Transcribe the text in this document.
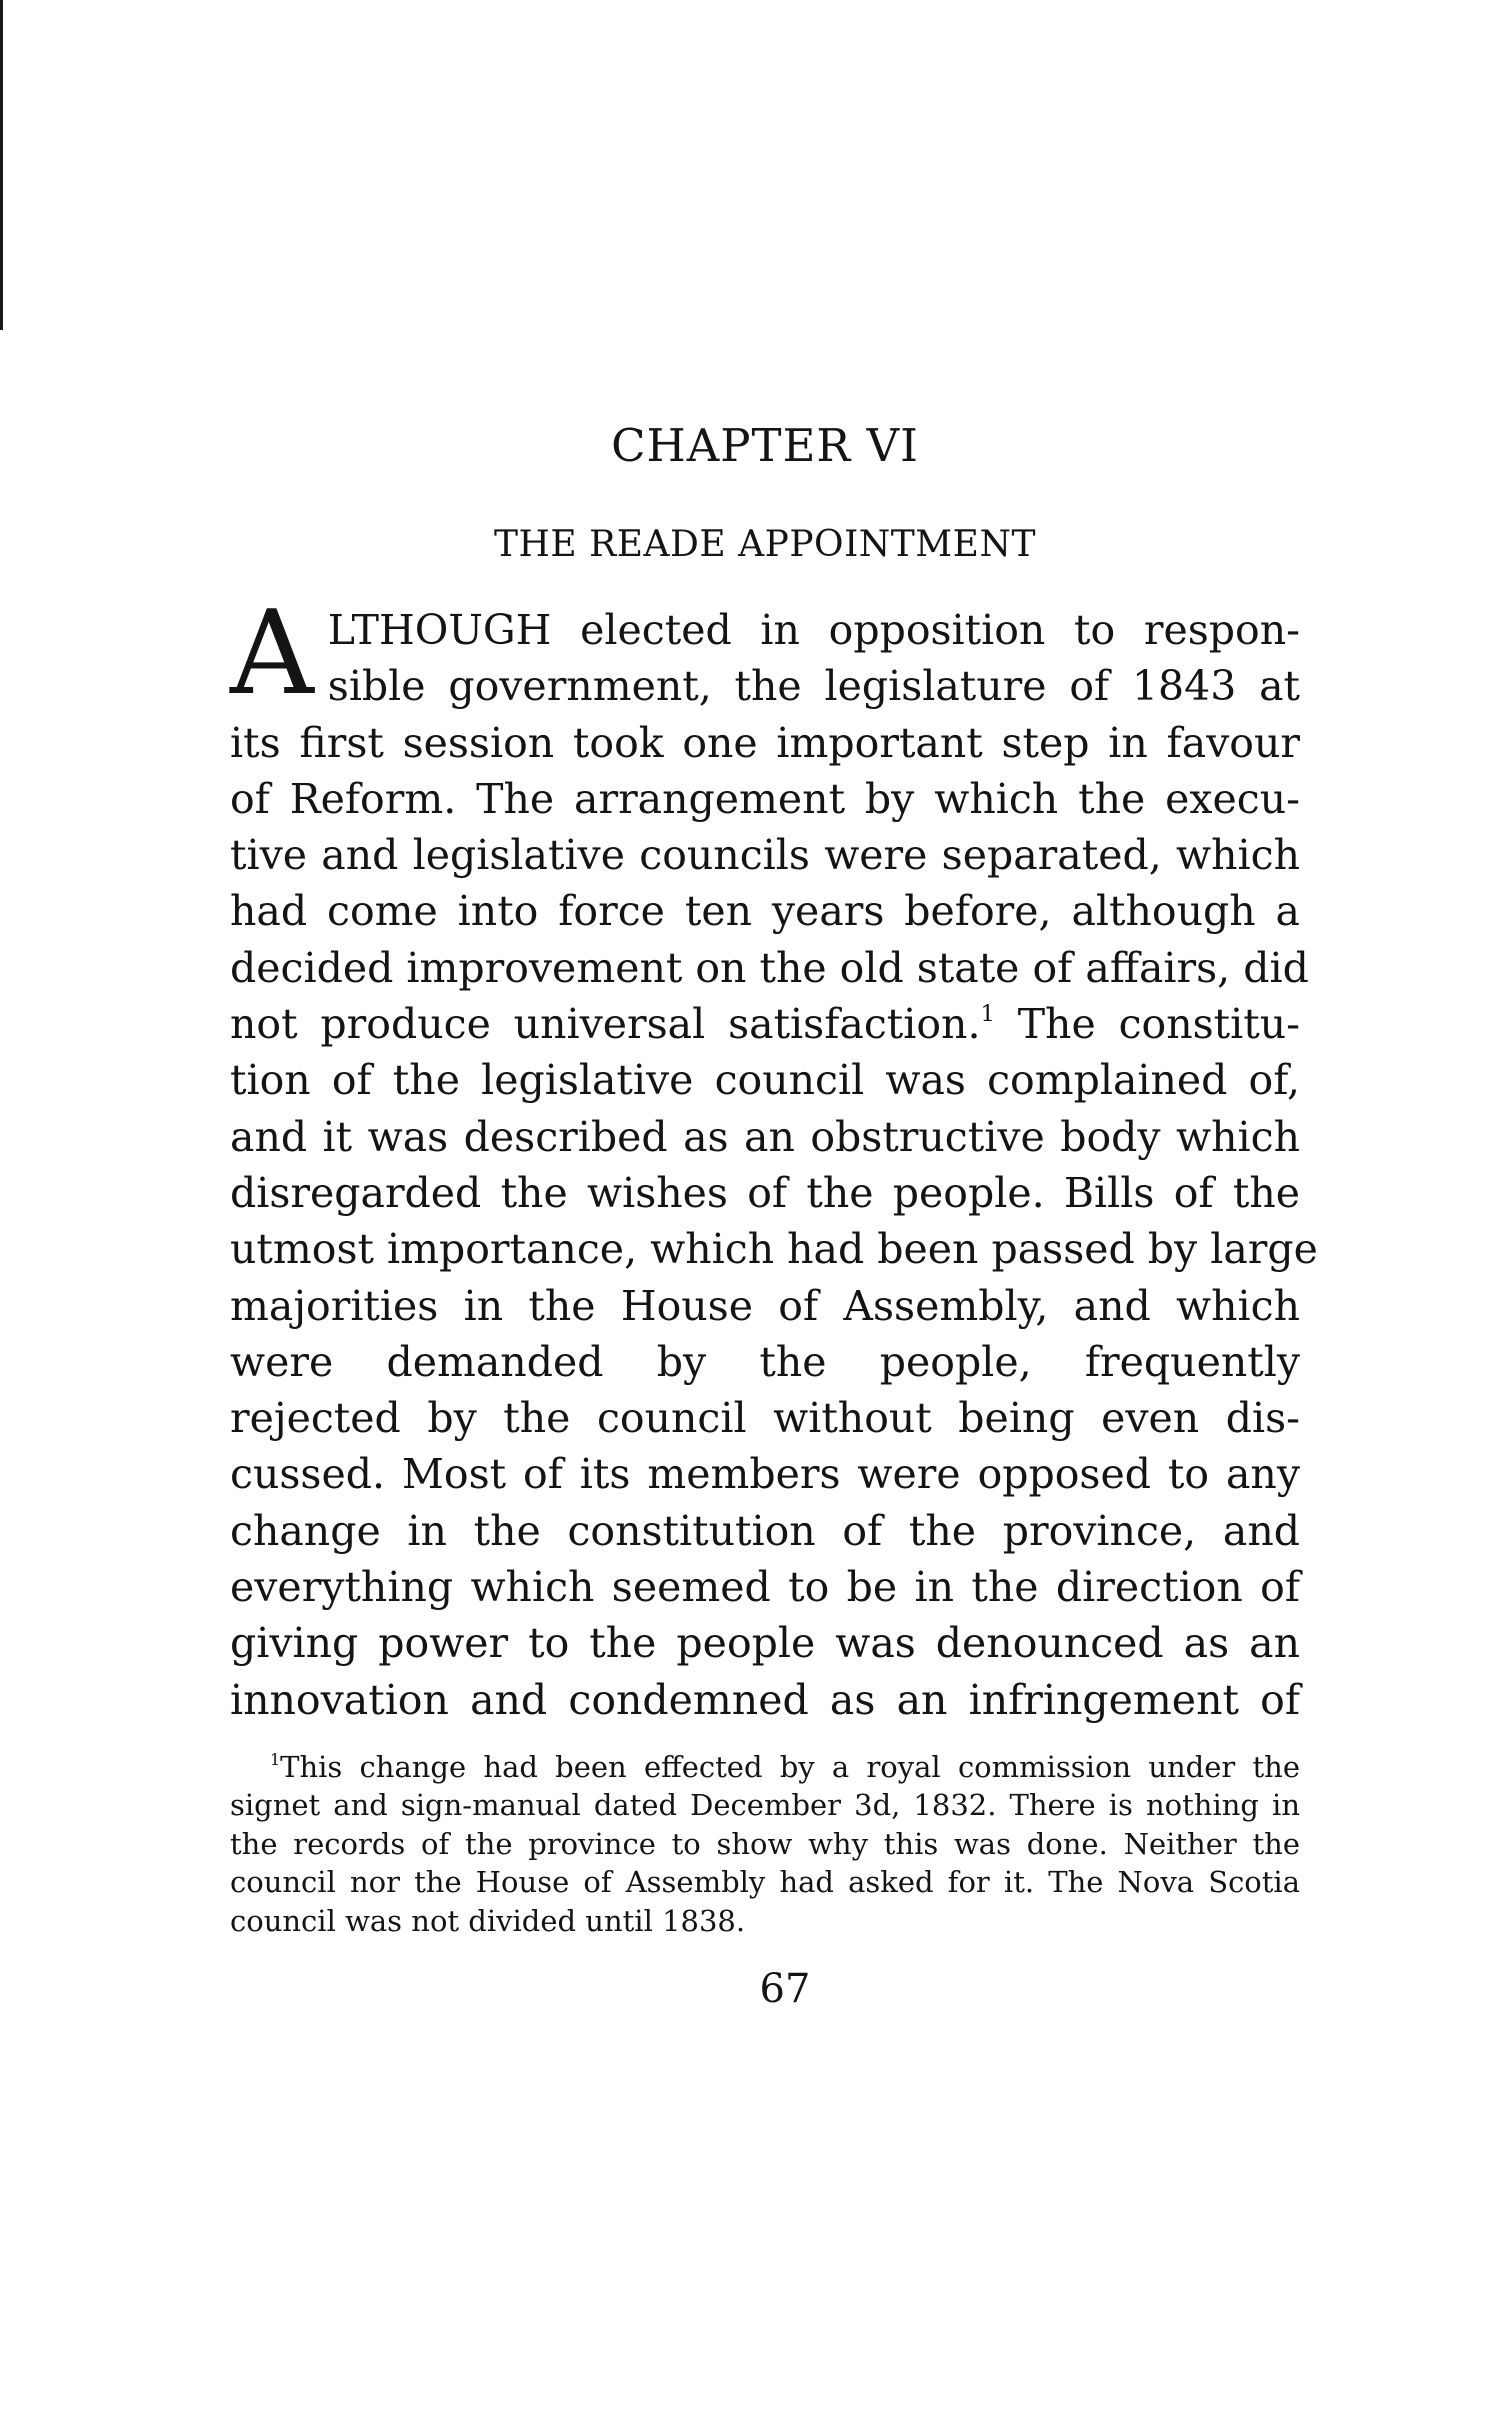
CHAPTER VI
THE READE APPOINTMENT
A LTHOUGH elected in opposition to respon-
sible government, the legislature of 1843 at
its first session took one important step in favour
of Reform. The arrangement by which the execu-
tive and legislative councils were separated, which
had come into force ten years before, although a
decided improvement on the old state of affairs, did
not produce universal satisfaction.$^1$ The constitu-
tion of the legislative council was complained of,
and it was described as an obstructive body which
disregarded the wishes of the people. Bills of the
utmost importance, which had been passed by large
majorities in the House of Assembly, and which
were demanded by the people, frequently
rejected by the council without being even dis-
cussed. Most of its members were opposed to any
change in the constitution of the province, and
everything which seemed to be in the direction of
giving power to the people was denounced as an
innovation and condemned as an infringement of
$^1$This change had been effected by a royal commission under the
signet and sign-manual dated December 3d, 1832. There is nothing in
the records of the province to show why this was done. Neither the
council nor the House of Assembly had asked for it. The Nova Scotia
council was not divided until 1838.
67
